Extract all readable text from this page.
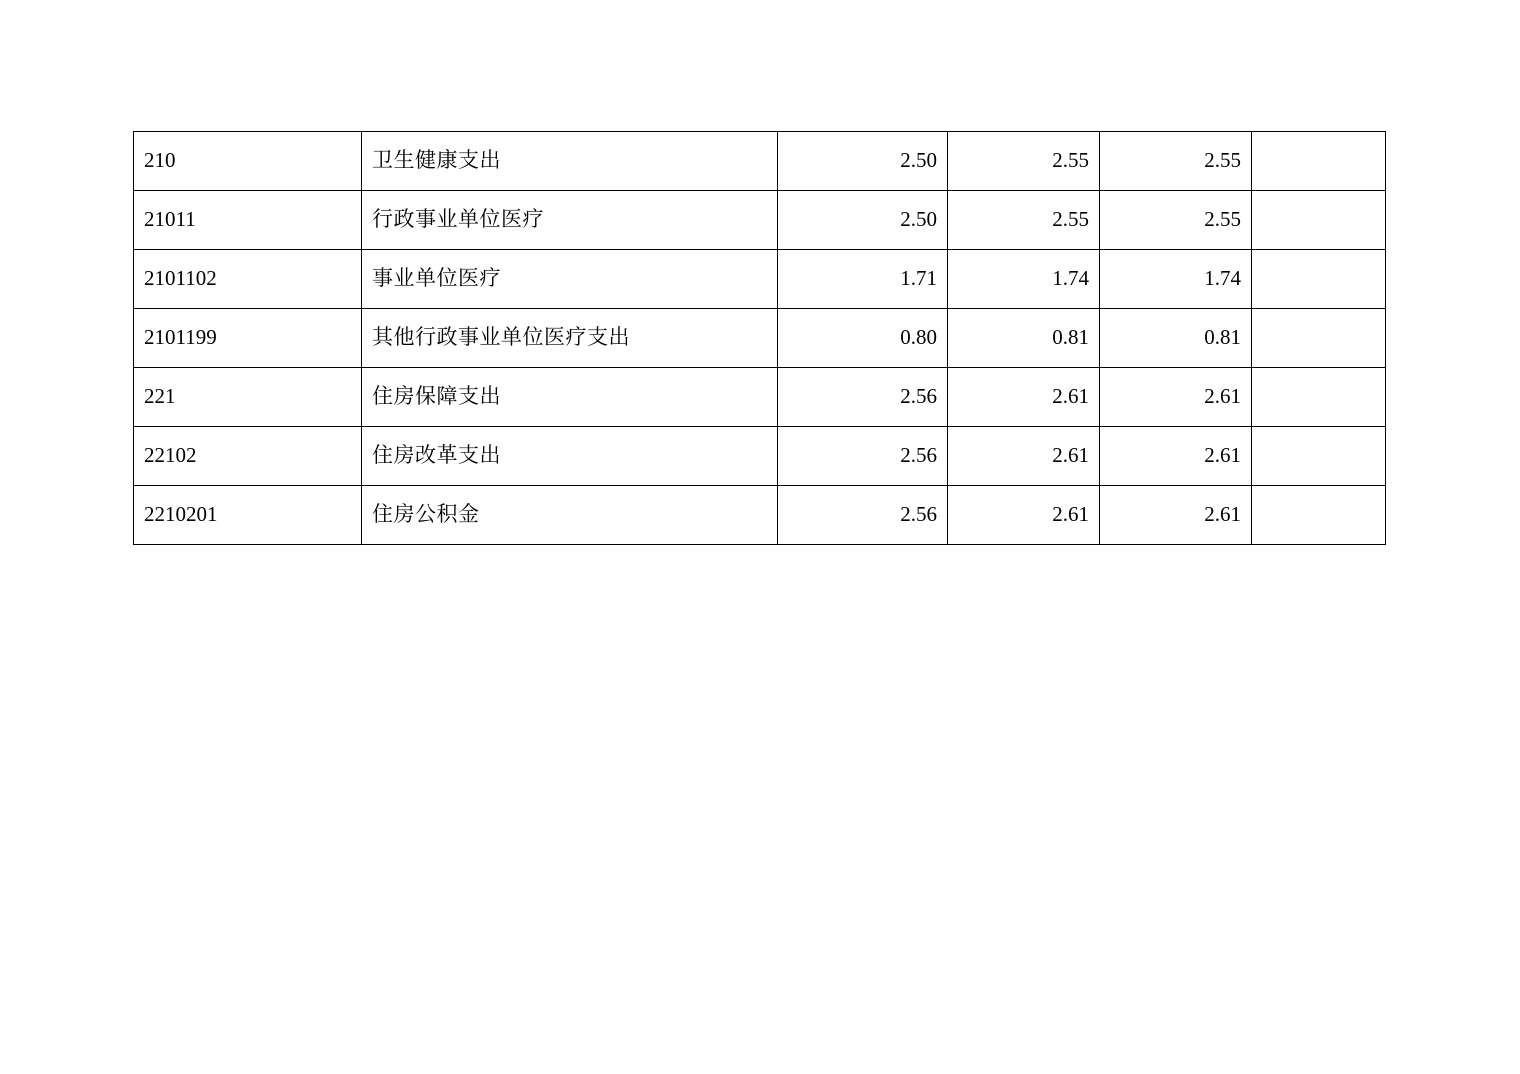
210	卫生健康支出	2.50	2.55	2.55	
21011	行政事业单位医疗	2.50	2.55	2.55	
2101102	事业单位医疗	1.71	1.74	1.74	
2101199	其他行政事业单位医疗支出	0.80	0.81	0.81	
221	住房保障支出	2.56	2.61	2.61	
22102	住房改革支出	2.56	2.61	2.61	
2210201	住房公积金	2.56	2.61	2.61	
